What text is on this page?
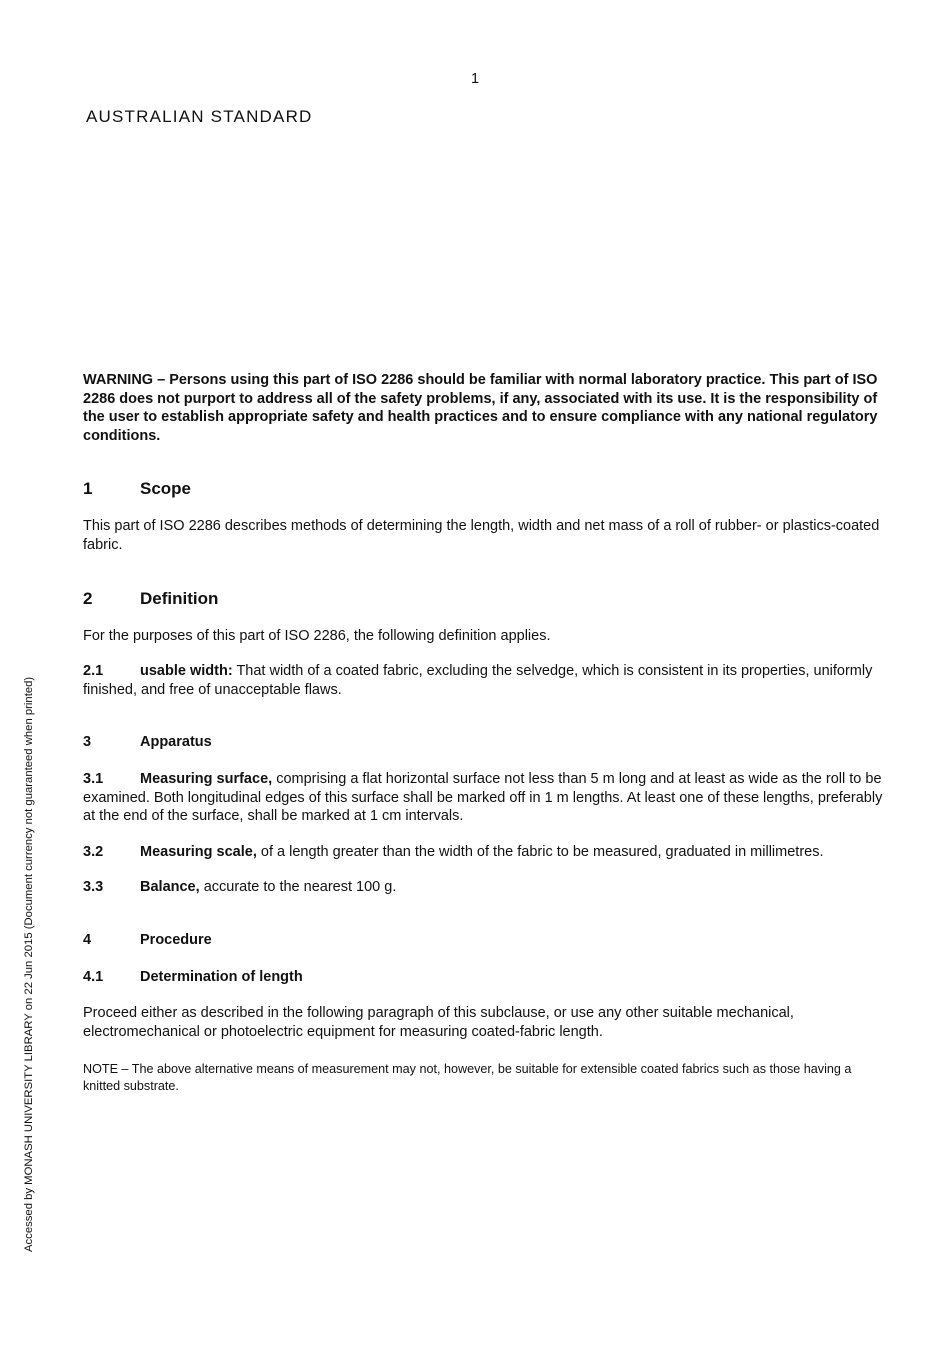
1
AUSTRALIAN STANDARD
Accessed by MONASH UNIVERSITY LIBRARY on 22 Jun 2015 (Document currency not guaranteed when printed)

WARNING – Persons using this part of ISO 2286 should be familiar with normal laboratory practice. This part of ISO 2286 does not purport to address all of the safety problems, if any, associated with its use. It is the responsibility of the user to establish appropriate safety and health practices and to ensure compliance with any national regulatory conditions.

1	Scope

This part of ISO 2286 describes methods of determining the length, width and net mass of a roll of rubber- or plastics-coated fabric.

2	Definition

For the purposes of this part of ISO 2286, the following definition applies.

2.1	usable width: That width of a coated fabric, excluding the selvedge, which is consistent in its properties, uniformly finished, and free of unacceptable flaws.

3	Apparatus

3.1	Measuring surface, comprising a flat horizontal surface not less than 5 m long and at least as wide as the roll to be examined. Both longitudinal edges of this surface shall be marked off in 1 m lengths. At least one of these lengths, preferably at the end of the surface, shall be marked at 1 cm intervals.

3.2	Measuring scale, of a length greater than the width of the fabric to be measured, graduated in millimetres.

3.3	Balance, accurate to the nearest 100 g.

4	Procedure
4.1	Determination of length

Proceed either as described in the following paragraph of this subclause, or use any other suitable mechanical, electromechanical or photoelectric equipment for measuring coated-fabric length.

NOTE – The above alternative means of measurement may not, however, be suitable for extensible coated fabrics such as those having a knitted substrate.
